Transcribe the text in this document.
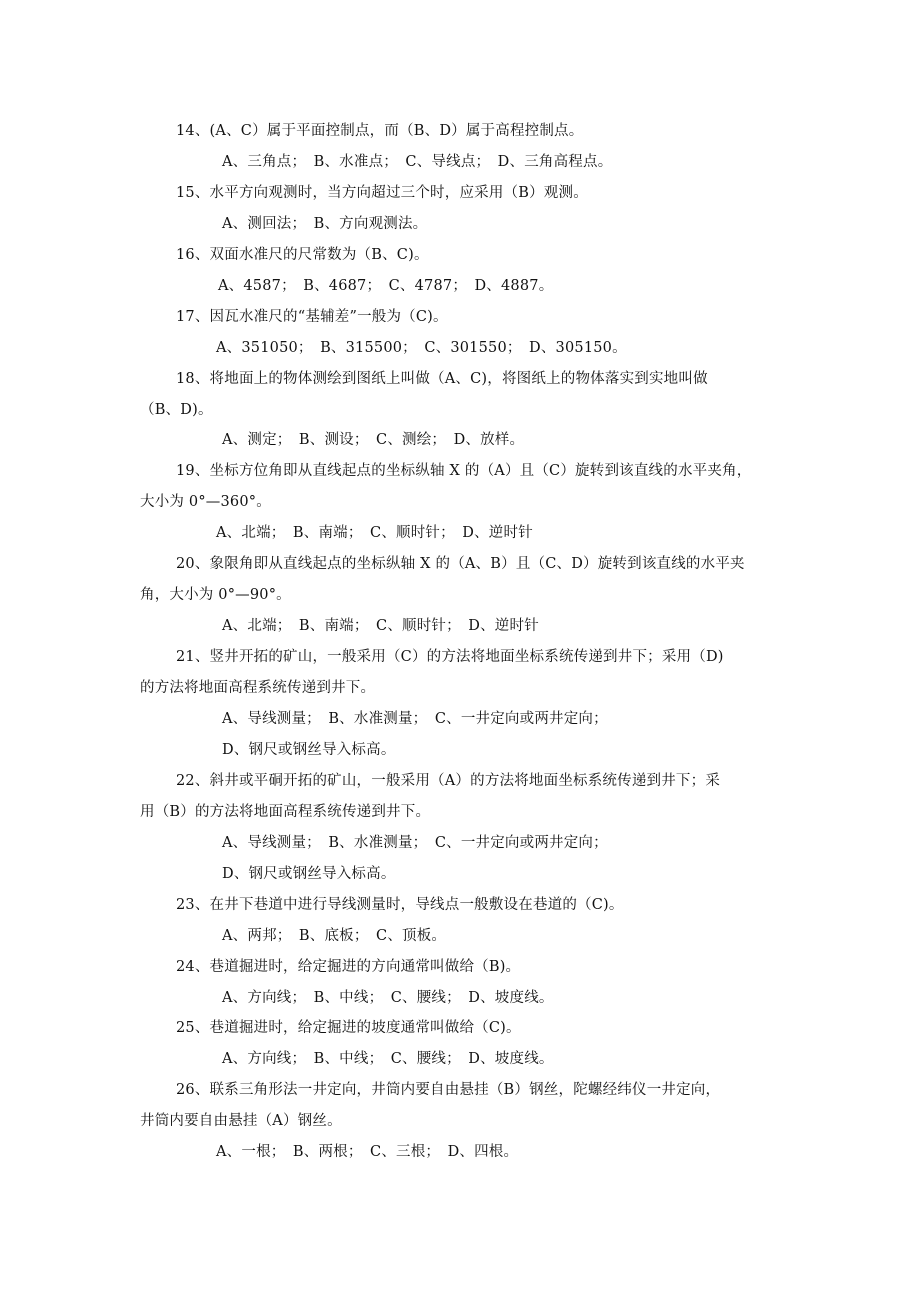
14、(A、C）属于平面控制点，而（B、D）属于高程控制点。
A、三角点；　B、水准点；　C、导线点；　D、三角高程点。
15、水平方向观测时，当方向超过三个时，应采用（B）观测。
A、测回法；　B、方向观测法。
16、双面水准尺的尺常数为（B、C)。
A、4587；　B、4687；　C、4787；　D、4887。
17、因瓦水准尺的“基辅差”一般为（C)。
A、351050；　B、315500；　C、301550；　D、305150。
18、将地面上的物体测绘到图纸上叫做（A、C)，将图纸上的物体落实到实地叫做
（B、D)。
A、测定；　B、测设；　C、测绘；　D、放样。
19、坐标方位角即从直线起点的坐标纵轴 X 的（A）且（C）旋转到该直线的水平夹角，
大小为 0°—360°。
A、北端；　B、南端；　C、顺时针；　D、逆时针
20、象限角即从直线起点的坐标纵轴 X 的（A、B）且（C、D）旋转到该直线的水平夹
角，大小为 0°—90°。
A、北端；　B、南端；　C、顺时针；　D、逆时针
21、竖井开拓的矿山，一般采用（C）的方法将地面坐标系统传递到井下；采用（D)
的方法将地面高程系统传递到井下。
A、导线测量；　B、水准测量；　C、一井定向或两井定向；
D、钢尺或钢丝导入标高。
22、斜井或平硐开拓的矿山，一般采用（A）的方法将地面坐标系统传递到井下；采
用（B）的方法将地面高程系统传递到井下。
A、导线测量；　B、水准测量；　C、一井定向或两井定向；
D、钢尺或钢丝导入标高。
23、在井下巷道中进行导线测量时，导线点一般敷设在巷道的（C)。
A、两邦；　B、底板；　C、顶板。
24、巷道掘进时，给定掘进的方向通常叫做给（B)。
A、方向线；　B、中线；　C、腰线；　D、坡度线。
25、巷道掘进时，给定掘进的坡度通常叫做给（C)。
A、方向线；　B、中线；　C、腰线；　D、坡度线。
26、联系三角形法一井定向，井筒内要自由悬挂（B）钢丝，陀螺经纬仪一井定向，
井筒内要自由悬挂（A）钢丝。
A、一根；　B、两根；　C、三根；　D、四根。
